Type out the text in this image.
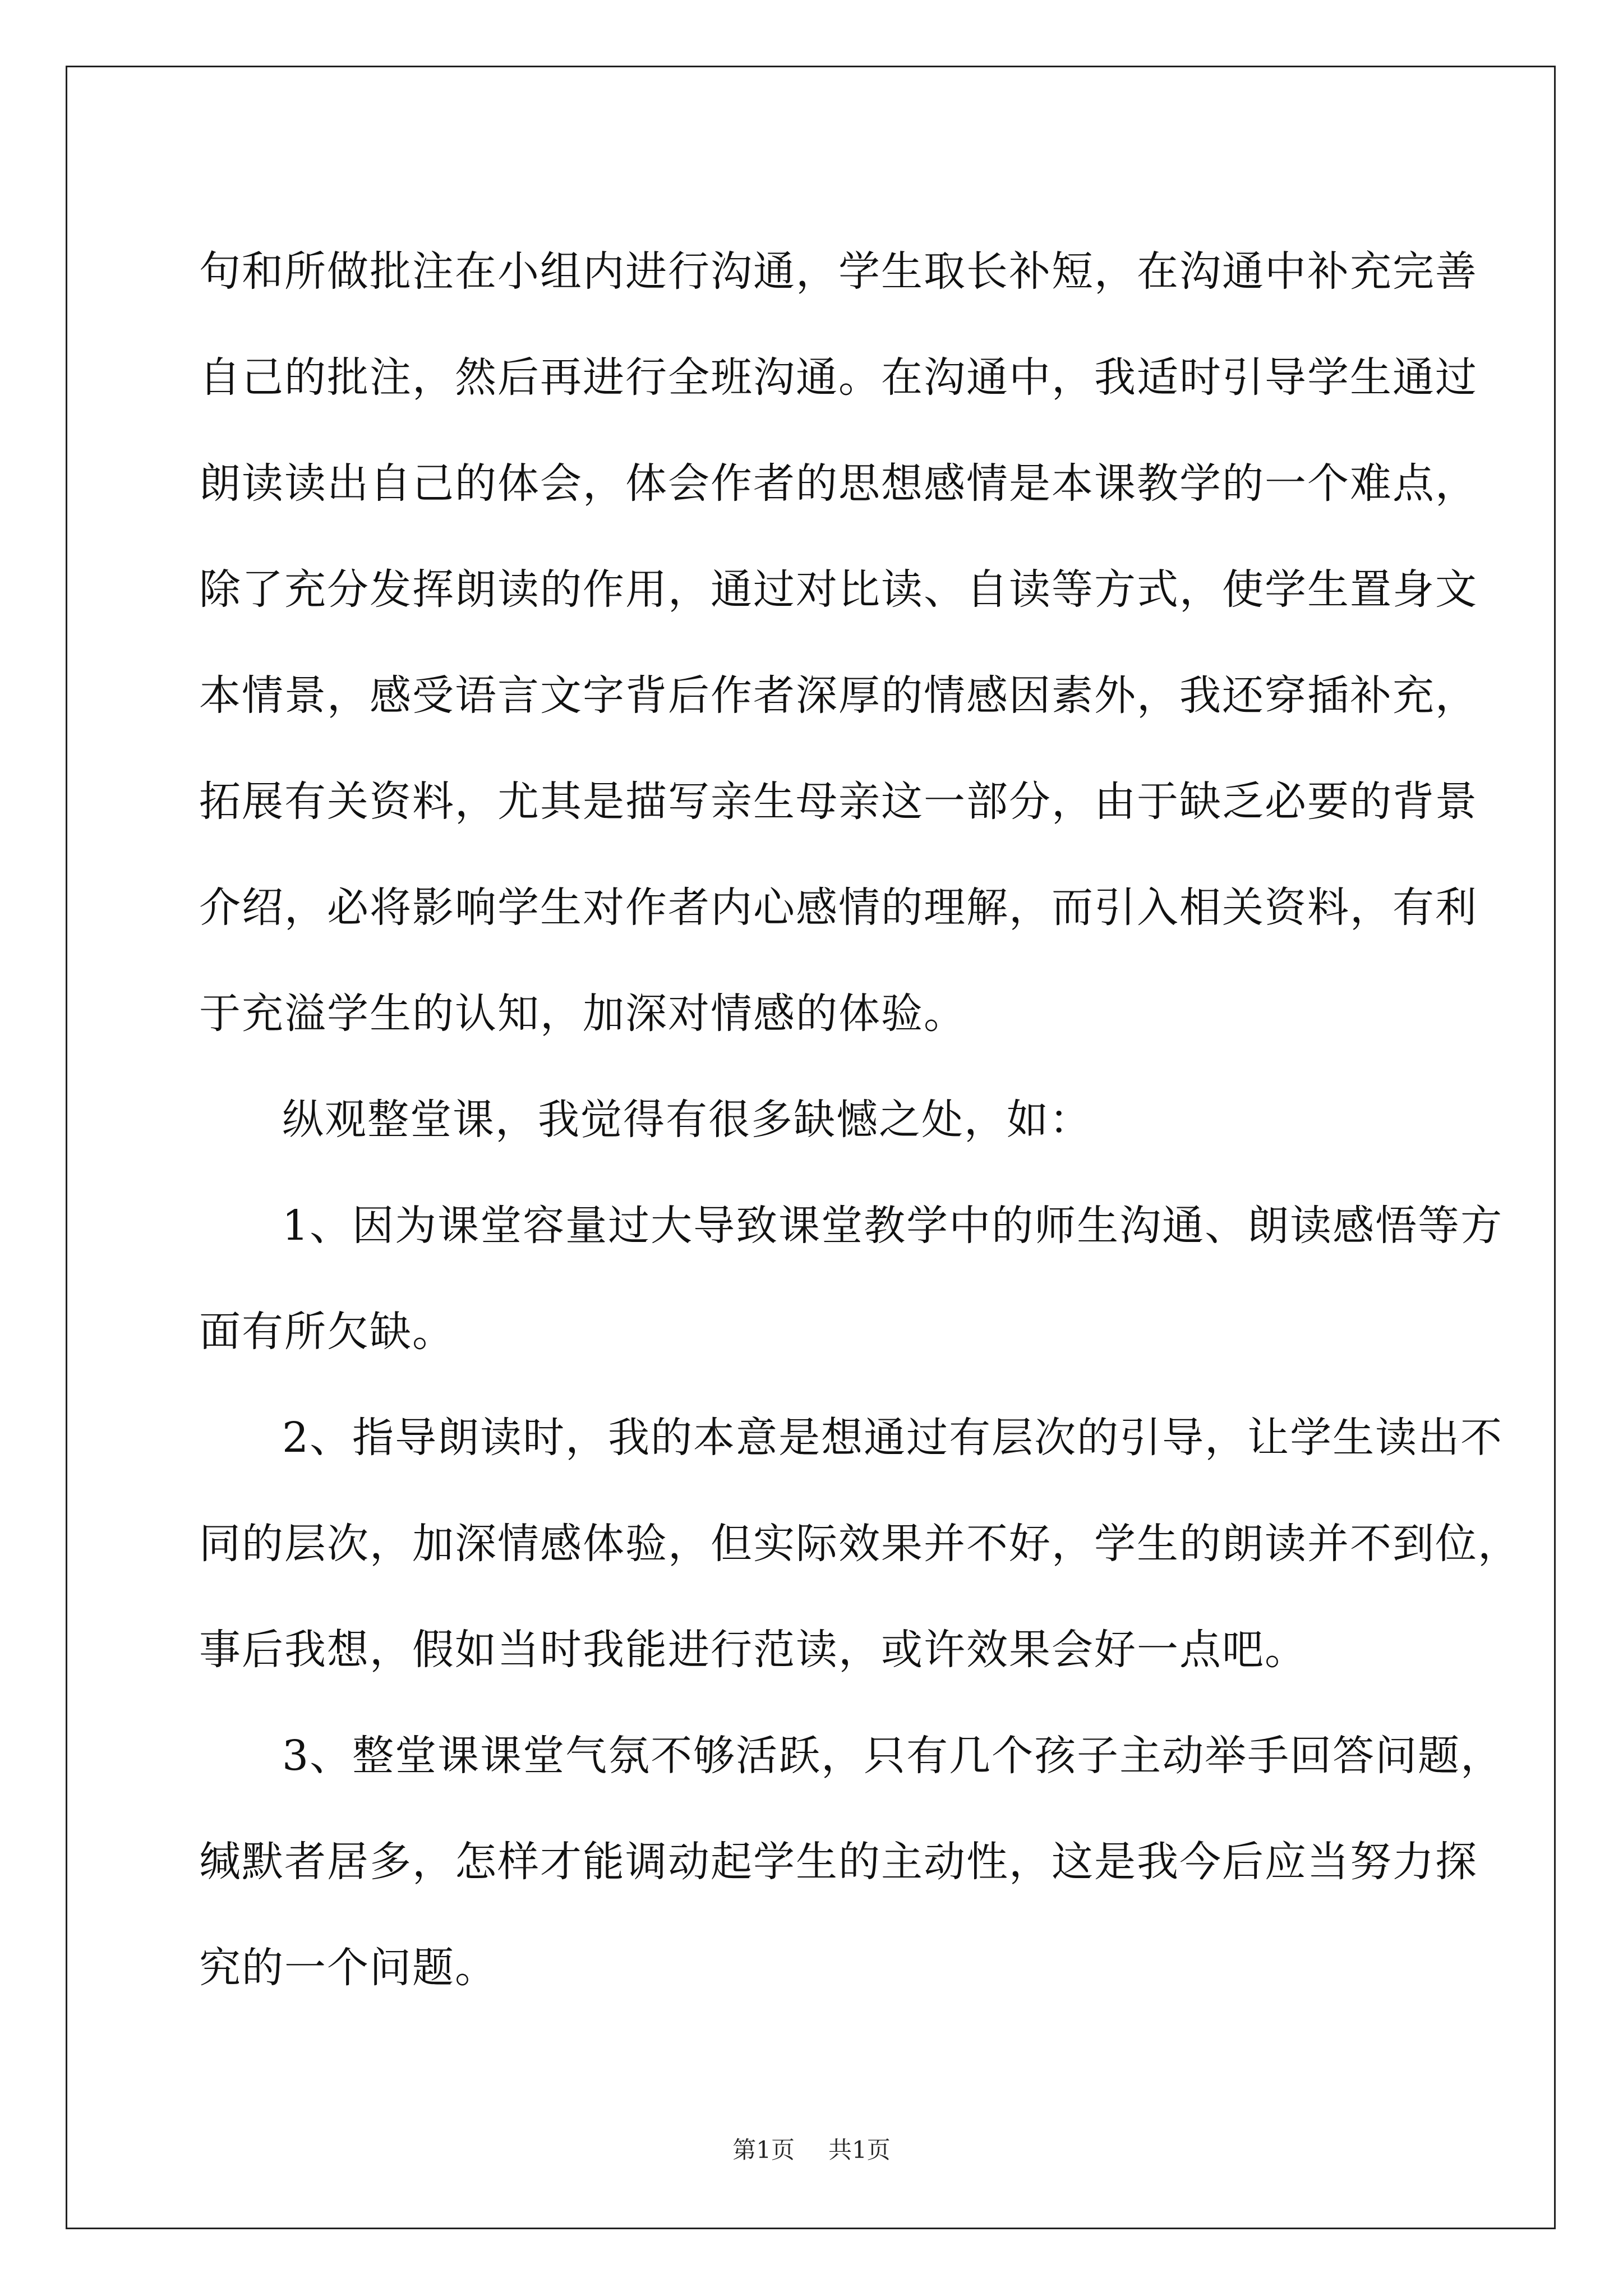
句和所做批注在小组内进行沟通，学生取长补短，在沟通中补充完善
自己的批注，然后再进行全班沟通。在沟通中，我适时引导学生通过
朗读读出自己的体会，体会作者的思想感情是本课教学的一个难点，
除了充分发挥朗读的作用，通过对比读、自读等方式，使学生置身文
本情景，感受语言文字背后作者深厚的情感因素外，我还穿插补充，
拓展有关资料，尤其是描写亲生母亲这一部分，由于缺乏必要的背景
介绍，必将影响学生对作者内心感情的理解，而引入相关资料，有利
于充溢学生的认知，加深对情感的体验。
纵观整堂课，我觉得有很多缺憾之处，如：
1、因为课堂容量过大导致课堂教学中的师生沟通、朗读感悟等方
面有所欠缺。
2、指导朗读时，我的本意是想通过有层次的引导，让学生读出不
同的层次，加深情感体验，但实际效果并不好，学生的朗读并不到位，
事后我想，假如当时我能进行范读，或许效果会好一点吧。
3、整堂课课堂气氛不够活跃，只有几个孩子主动举手回答问题，
缄默者居多，怎样才能调动起学生的主动性，这是我今后应当努力探
究的一个问题。
第1页 共1页
